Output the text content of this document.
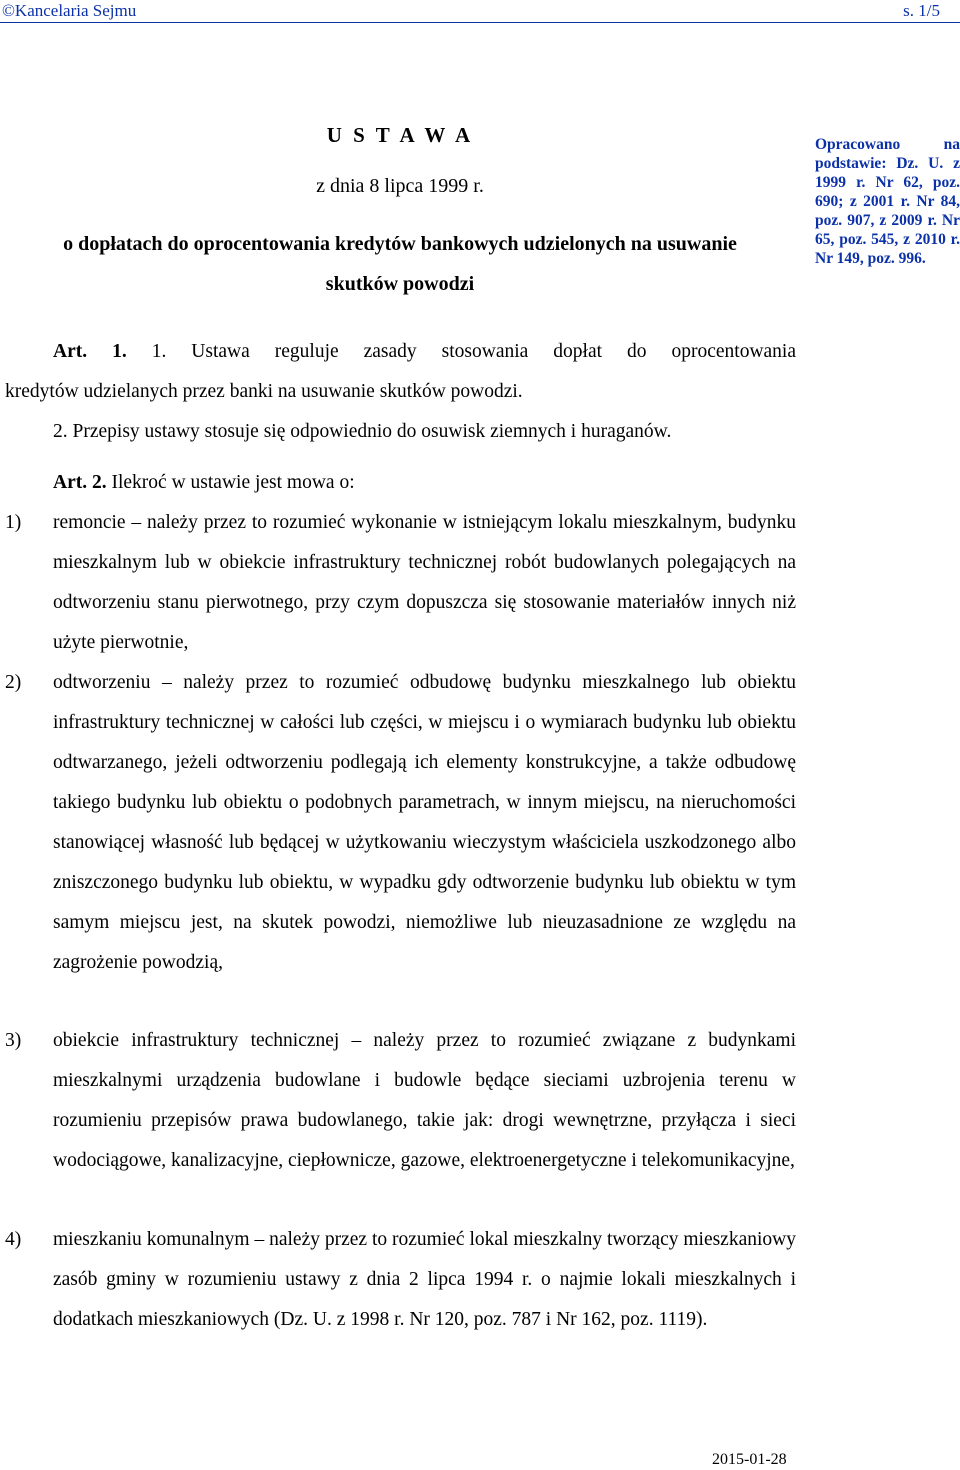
©Kancelaria Sejmu	s. 1/5
U S T A W A
z dnia 8 lipca 1999 r.
o dopłatach do oprocentowania kredytów bankowych udzielonych na usuwanie
skutków powodzi
Opracowano na podstawie: Dz. U. z 1999 r. Nr 62, poz. 690; z 2001 r. Nr 84, poz. 907, z 2009 r. Nr 65, poz. 545, z 2010 r. Nr 149, poz. 996.
Art. 1. 1. Ustawa reguluje zasady stosowania dopłat do oprocentowania
kredytów udzielanych przez banki na usuwanie skutków powodzi.
2. Przepisy ustawy stosuje się odpowiednio do osuwisk ziemnych i huraganów.
Art. 2. Ilekroć w ustawie jest mowa o:
1) remoncie – należy przez to rozumieć wykonanie w istniejącym lokalu mieszkalnym, budynku mieszkalnym lub w obiekcie infrastruktury technicznej robót budowlanych polegających na odtworzeniu stanu pierwotnego, przy czym dopuszcza się stosowanie materiałów innych niż użyte pierwotnie,
2) odtworzeniu – należy przez to rozumieć odbudowę budynku mieszkalnego lub obiektu infrastruktury technicznej w całości lub części, w miejscu i o wymiarach budynku lub obiektu odtwarzanego, jeżeli odtworzeniu podlegają ich elementy konstrukcyjne, a także odbudowę takiego budynku lub obiektu o podobnych parametrach, w innym miejscu, na nieruchomości stanowiącej własność lub będącej w użytkowaniu wieczystym właściciela uszkodzonego albo zniszczonego budynku lub obiektu, w wypadku gdy odtworzenie budynku lub obiektu w tym samym miejscu jest, na skutek powodzi, niemożliwe lub nieuzasadnione ze względu na zagrożenie powodzią,
3) obiekcie infrastruktury technicznej – należy przez to rozumieć związane z budynkami mieszkalnymi urządzenia budowlane i budowle będące sieciami uzbrojenia terenu w rozumieniu przepisów prawa budowlanego, takie jak: drogi wewnętrzne, przyłącza i sieci wodociągowe, kanalizacyjne, ciepłownicze, gazowe, elektroenergetyczne i telekomunikacyjne,
4) mieszkaniu komunalnym – należy przez to rozumieć lokal mieszkalny tworzący mieszkaniowy zasób gminy w rozumieniu ustawy z dnia 2 lipca 1994 r. o najmie lokali mieszkalnych i dodatkach mieszkaniowych (Dz. U. z 1998 r. Nr 120, poz. 787 i Nr 162, poz. 1119).
2015-01-28
